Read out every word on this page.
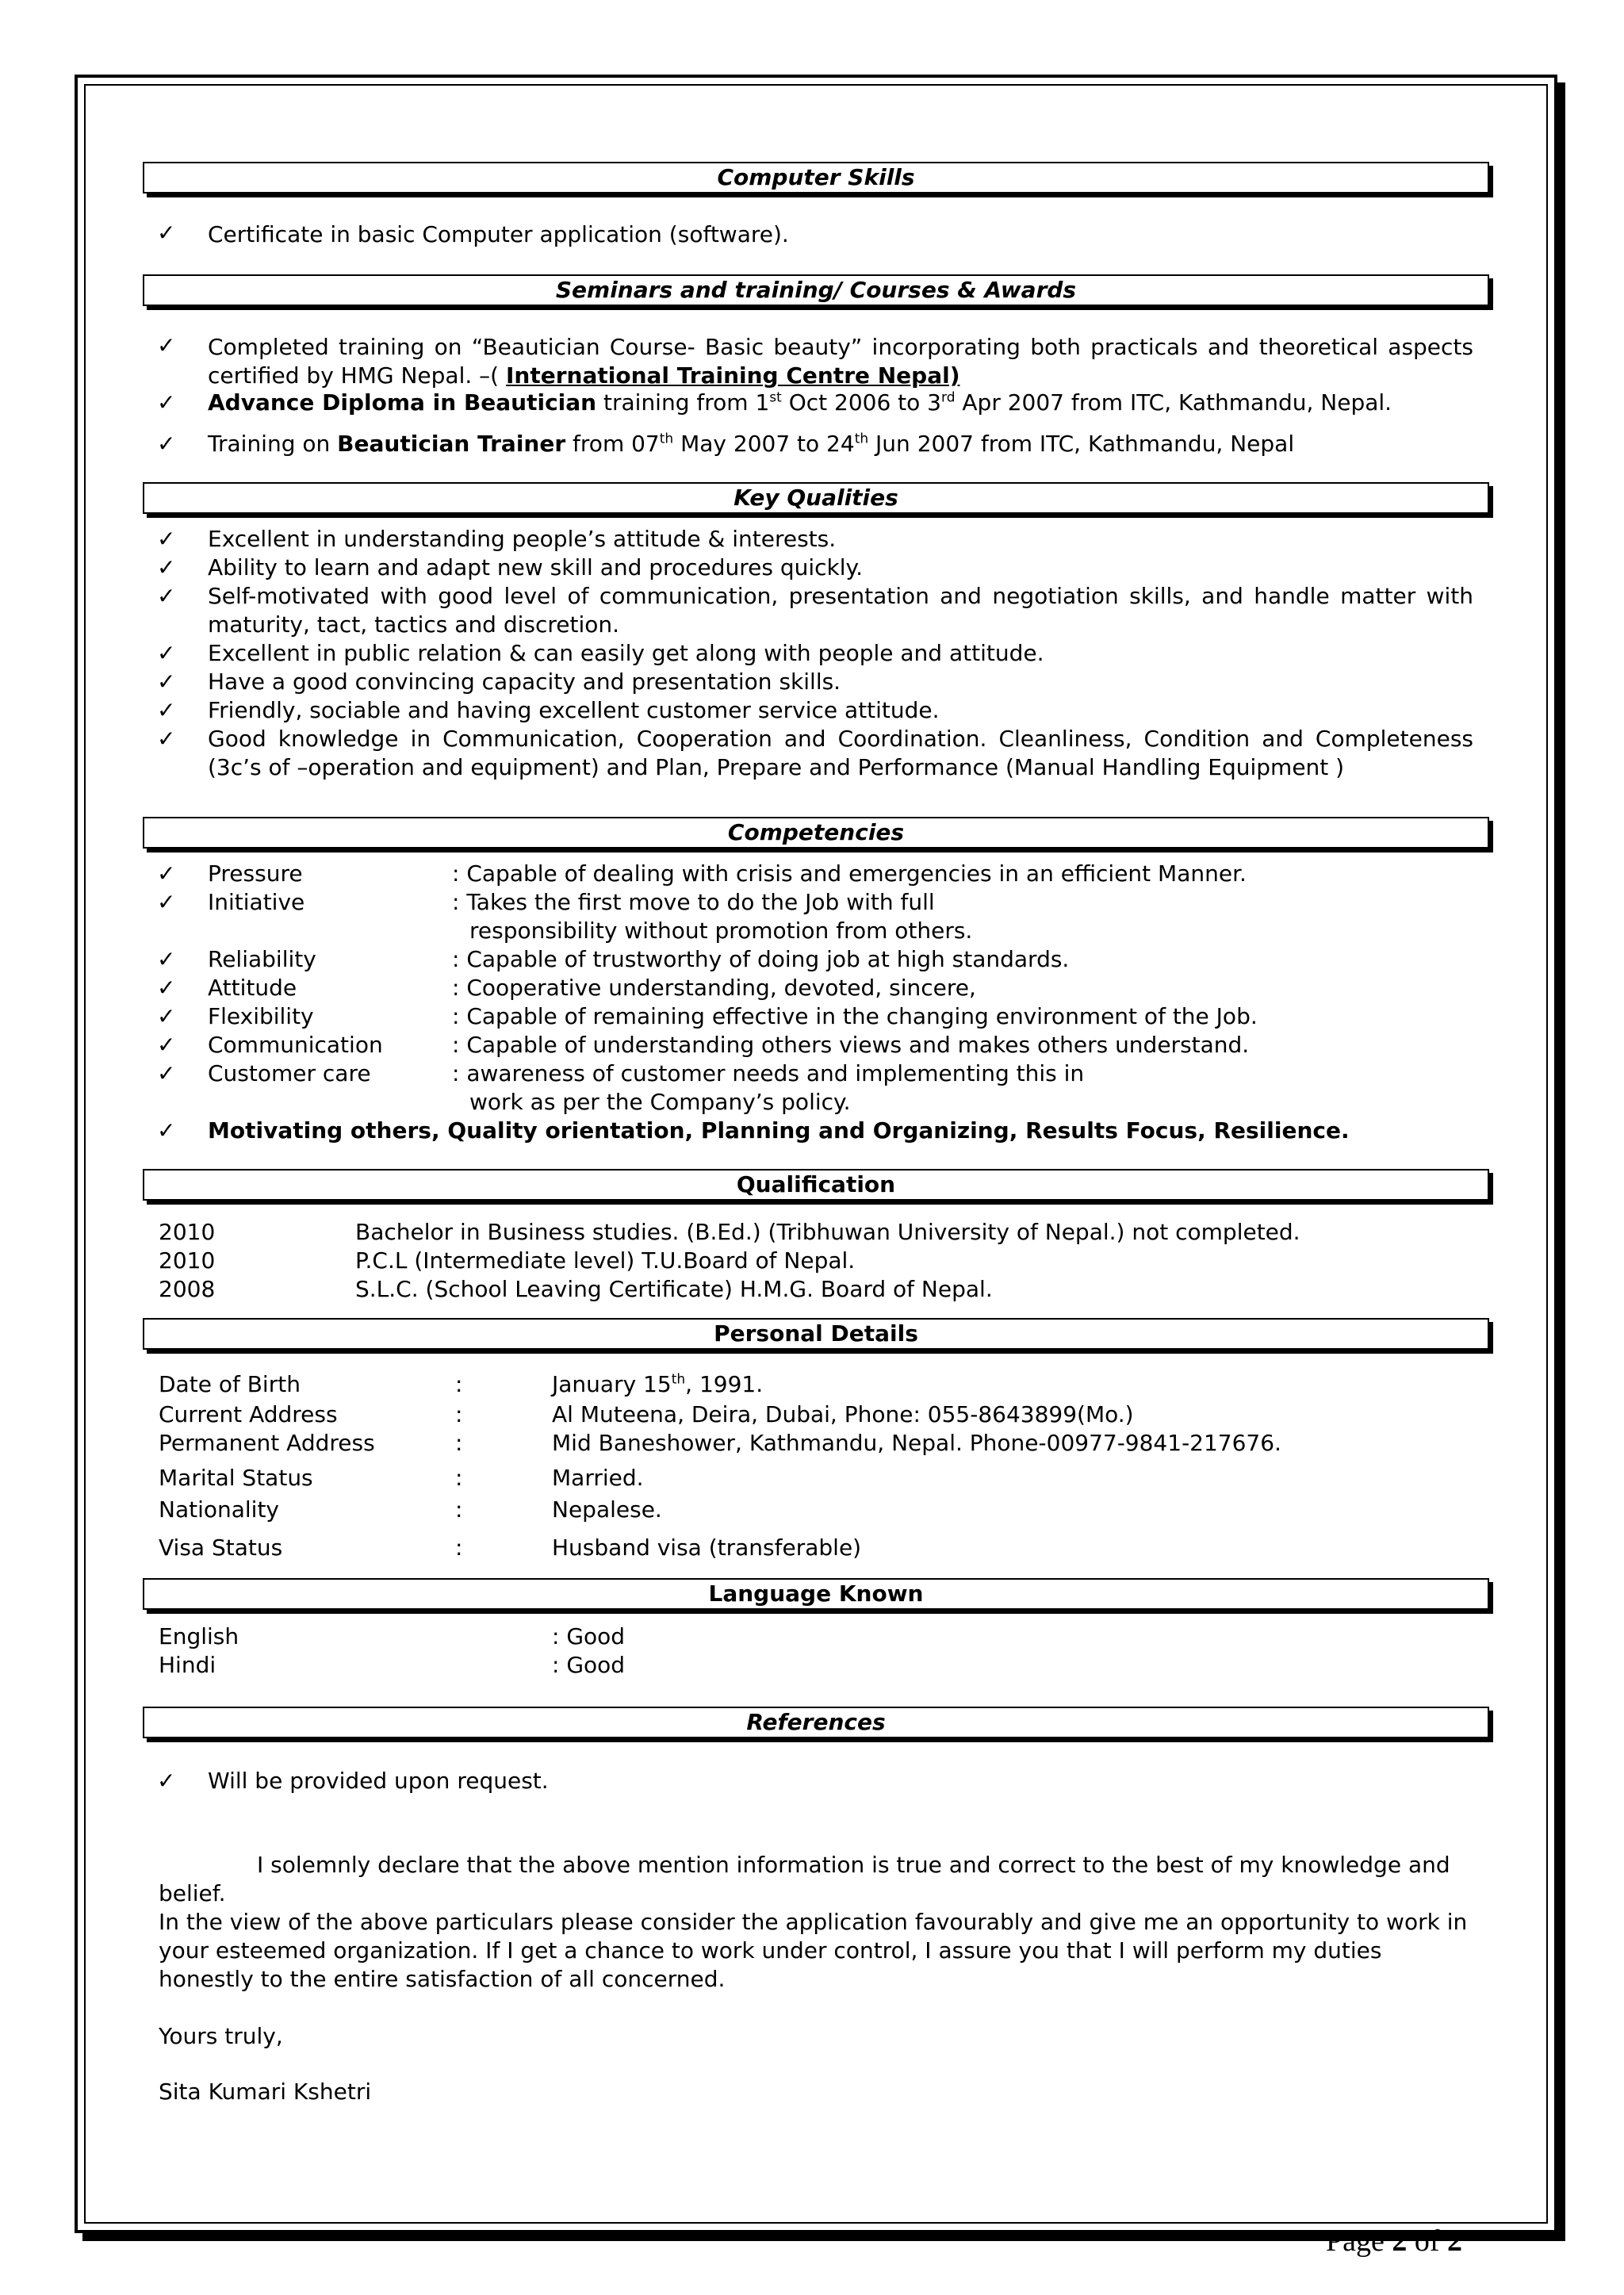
Computer Skills
✓ Certificate in basic Computer application (software).
Seminars and training/ Courses & Awards
✓ Completed training on “Beautician Course- Basic beauty” incorporating both practicals and theoretical aspects certified by HMG Nepal. –( International Training Centre Nepal)
✓ Advance Diploma in Beautician training from 1st Oct 2006 to 3rd Apr 2007 from ITC, Kathmandu, Nepal.
✓ Training on Beautician Trainer from 07th May 2007 to 24th Jun 2007 from ITC, Kathmandu, Nepal
Key Qualities
✓ Excellent in understanding people’s attitude & interests.
✓ Ability to learn and adapt new skill and procedures quickly.
✓ Self-motivated with good level of communication, presentation and negotiation skills, and handle matter with maturity, tact, tactics and discretion.
✓ Excellent in public relation & can easily get along with people and attitude.
✓ Have a good convincing capacity and presentation skills.
✓ Friendly, sociable and having excellent customer service attitude.
✓ Good knowledge in Communication, Cooperation and Coordination. Cleanliness, Condition and Completeness (3c’s of –operation and equipment) and Plan, Prepare and Performance (Manual Handling Equipment )
Competencies
✓ Pressure	: Capable of dealing with crisis and emergencies in an efficient Manner.
✓ Initiative	: Takes the first move to do the Job with full
responsibility without promotion from others.
✓ Reliability	: Capable of trustworthy of doing job at high standards.
✓ Attitude	: Cooperative understanding, devoted, sincere,
✓ Flexibility	: Capable of remaining effective in the changing environment of the Job.
✓ Communication	: Capable of understanding others views and makes others understand.
✓ Customer care	: awareness of customer needs and implementing this in
work as per the Company’s policy.
✓ Motivating others, Quality orientation, Planning and Organizing, Results Focus, Resilience.
Qualification
2010	Bachelor in Business studies. (B.Ed.) (Tribhuwan University of Nepal.) not completed.
2010	P.C.L (Intermediate level) T.U.Board of Nepal.
2008	S.L.C. (School Leaving Certificate) H.M.G. Board of Nepal.
Personal Details
Date of Birth	:	January 15th, 1991.
Current Address	:	Al Muteena, Deira, Dubai, Phone: 055-8643899(Mo.)
Permanent Address	:	Mid Baneshower, Kathmandu, Nepal. Phone-00977-9841-217676.
Marital Status	:	Married.
Nationality	:	Nepalese.
Visa Status	:	Husband visa (transferable)
Language Known
English	: Good
Hindi	: Good
References
✓ Will be provided upon request.
I solemnly declare that the above mention information is true and correct to the best of my knowledge and belief.
In the view of the above particulars please consider the application favourably and give me an opportunity to work in your esteemed organization. If I get a chance to work under control, I assure you that I will perform my duties honestly to the entire satisfaction of all concerned.
Yours truly,
Sita Kumari Kshetri
Page 2 of 2
